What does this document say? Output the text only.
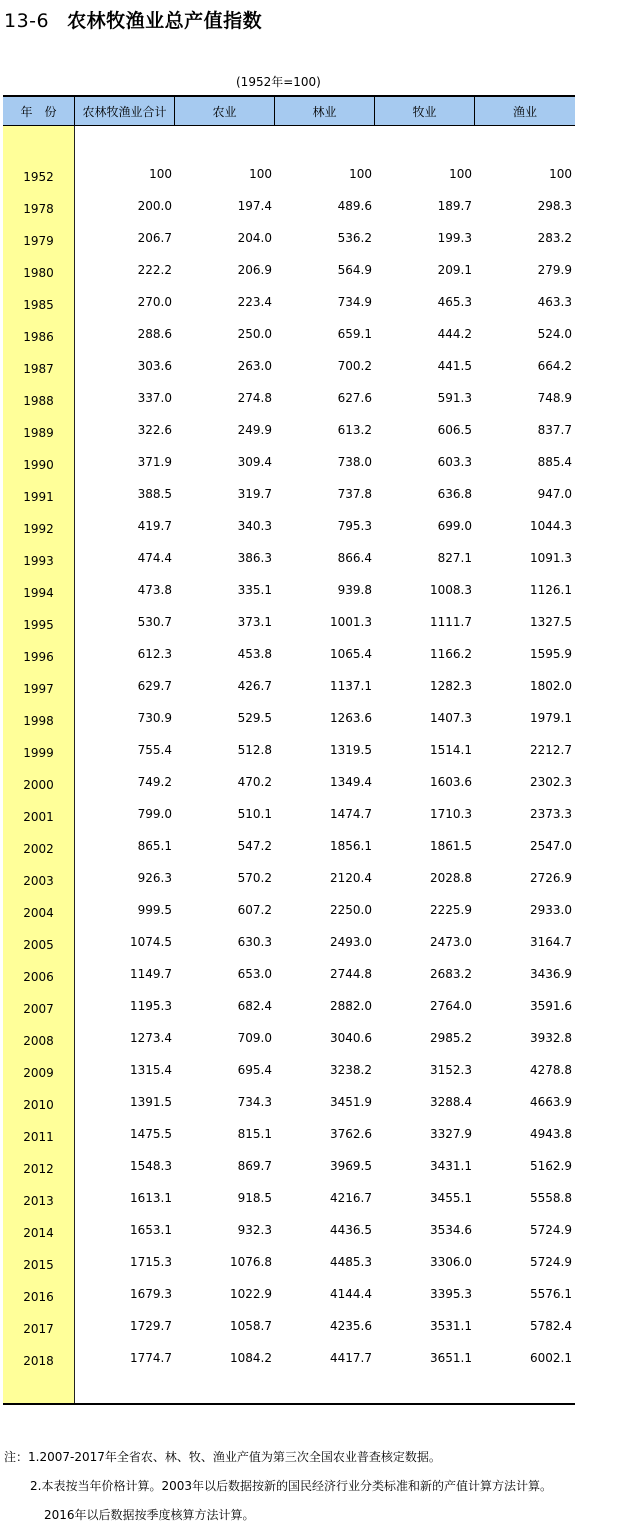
13-6 农林牧渔业总产值指数
(1952年=100)
年　份	农林牧渔业合计	农业	林业	牧业	渔业
1952	100	100	100	100	100
1978	200.0	197.4	489.6	189.7	298.3
1979	206.7	204.0	536.2	199.3	283.2
1980	222.2	206.9	564.9	209.1	279.9
1985	270.0	223.4	734.9	465.3	463.3
1986	288.6	250.0	659.1	444.2	524.0
1987	303.6	263.0	700.2	441.5	664.2
1988	337.0	274.8	627.6	591.3	748.9
1989	322.6	249.9	613.2	606.5	837.7
1990	371.9	309.4	738.0	603.3	885.4
1991	388.5	319.7	737.8	636.8	947.0
1992	419.7	340.3	795.3	699.0	1044.3
1993	474.4	386.3	866.4	827.1	1091.3
1994	473.8	335.1	939.8	1008.3	1126.1
1995	530.7	373.1	1001.3	1111.7	1327.5
1996	612.3	453.8	1065.4	1166.2	1595.9
1997	629.7	426.7	1137.1	1282.3	1802.0
1998	730.9	529.5	1263.6	1407.3	1979.1
1999	755.4	512.8	1319.5	1514.1	2212.7
2000	749.2	470.2	1349.4	1603.6	2302.3
2001	799.0	510.1	1474.7	1710.3	2373.3
2002	865.1	547.2	1856.1	1861.5	2547.0
2003	926.3	570.2	2120.4	2028.8	2726.9
2004	999.5	607.2	2250.0	2225.9	2933.0
2005	1074.5	630.3	2493.0	2473.0	3164.7
2006	1149.7	653.0	2744.8	2683.2	3436.9
2007	1195.3	682.4	2882.0	2764.0	3591.6
2008	1273.4	709.0	3040.6	2985.2	3932.8
2009	1315.4	695.4	3238.2	3152.3	4278.8
2010	1391.5	734.3	3451.9	3288.4	4663.9
2011	1475.5	815.1	3762.6	3327.9	4943.8
2012	1548.3	869.7	3969.5	3431.1	5162.9
2013	1613.1	918.5	4216.7	3455.1	5558.8
2014	1653.1	932.3	4436.5	3534.6	5724.9
2015	1715.3	1076.8	4485.3	3306.0	5724.9
2016	1679.3	1022.9	4144.4	3395.3	5576.1
2017	1729.7	1058.7	4235.6	3531.1	5782.4
2018	1774.7	1084.2	4417.7	3651.1	6002.1
注：1.2007-2017年全省农、林、牧、渔业产值为第三次全国农业普查核定数据。
2.本表按当年价格计算。2003年以后数据按新的国民经济行业分类标准和新的产值计算方法计算。
2016年以后数据按季度核算方法计算。
